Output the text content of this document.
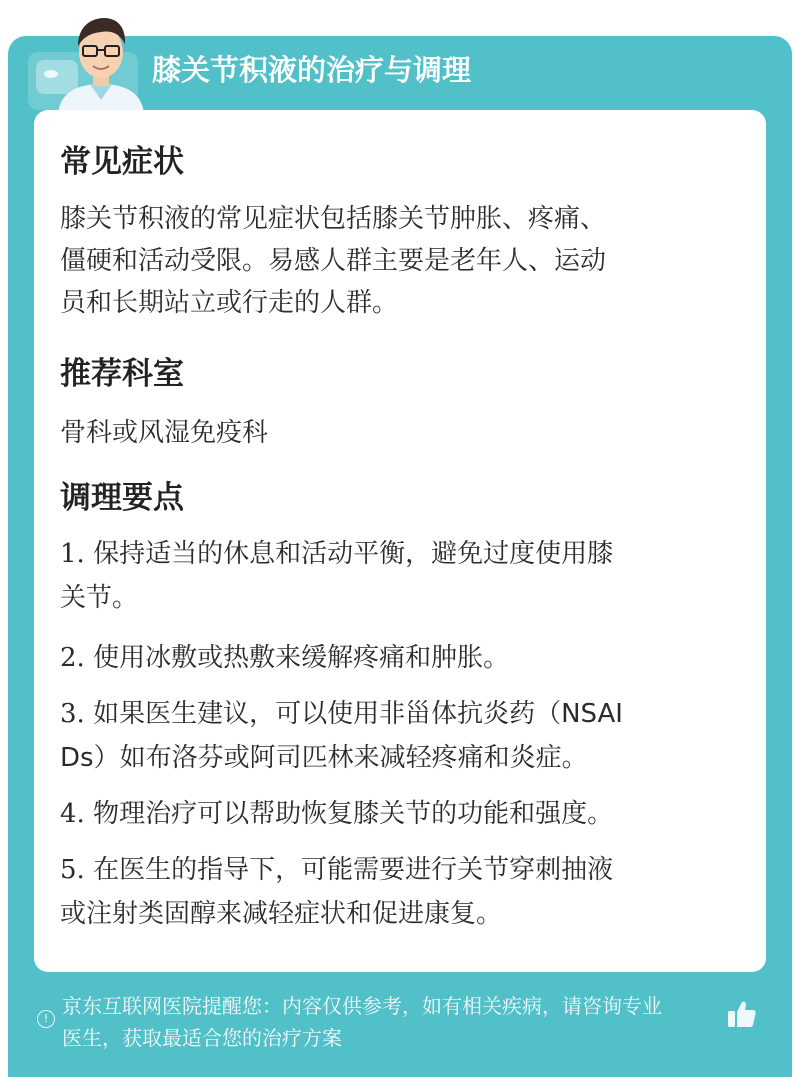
膝关节积液的治疗与调理
常见症状
膝关节积液的常见症状包括膝关节肿胀、疼痛、
僵硬和活动受限。易感人群主要是老年人、运动
员和长期站立或行走的人群。
推荐科室
骨科或风湿免疫科
调理要点
1. 保持适当的休息和活动平衡，避免过度使用膝
关节。
2. 使用冰敷或热敷来缓解疼痛和肿胀。
3. 如果医生建议，可以使用非甾体抗炎药（NSAI
Ds）如布洛芬或阿司匹林来减轻疼痛和炎症。
4. 物理治疗可以帮助恢复膝关节的功能和强度。
5. 在医生的指导下，可能需要进行关节穿刺抽液
或注射类固醇来减轻症状和促进康复。
!
京东互联网医院提醒您：内容仅供参考，如有相关疾病，请咨询专业
医生，获取最适合您的治疗方案
